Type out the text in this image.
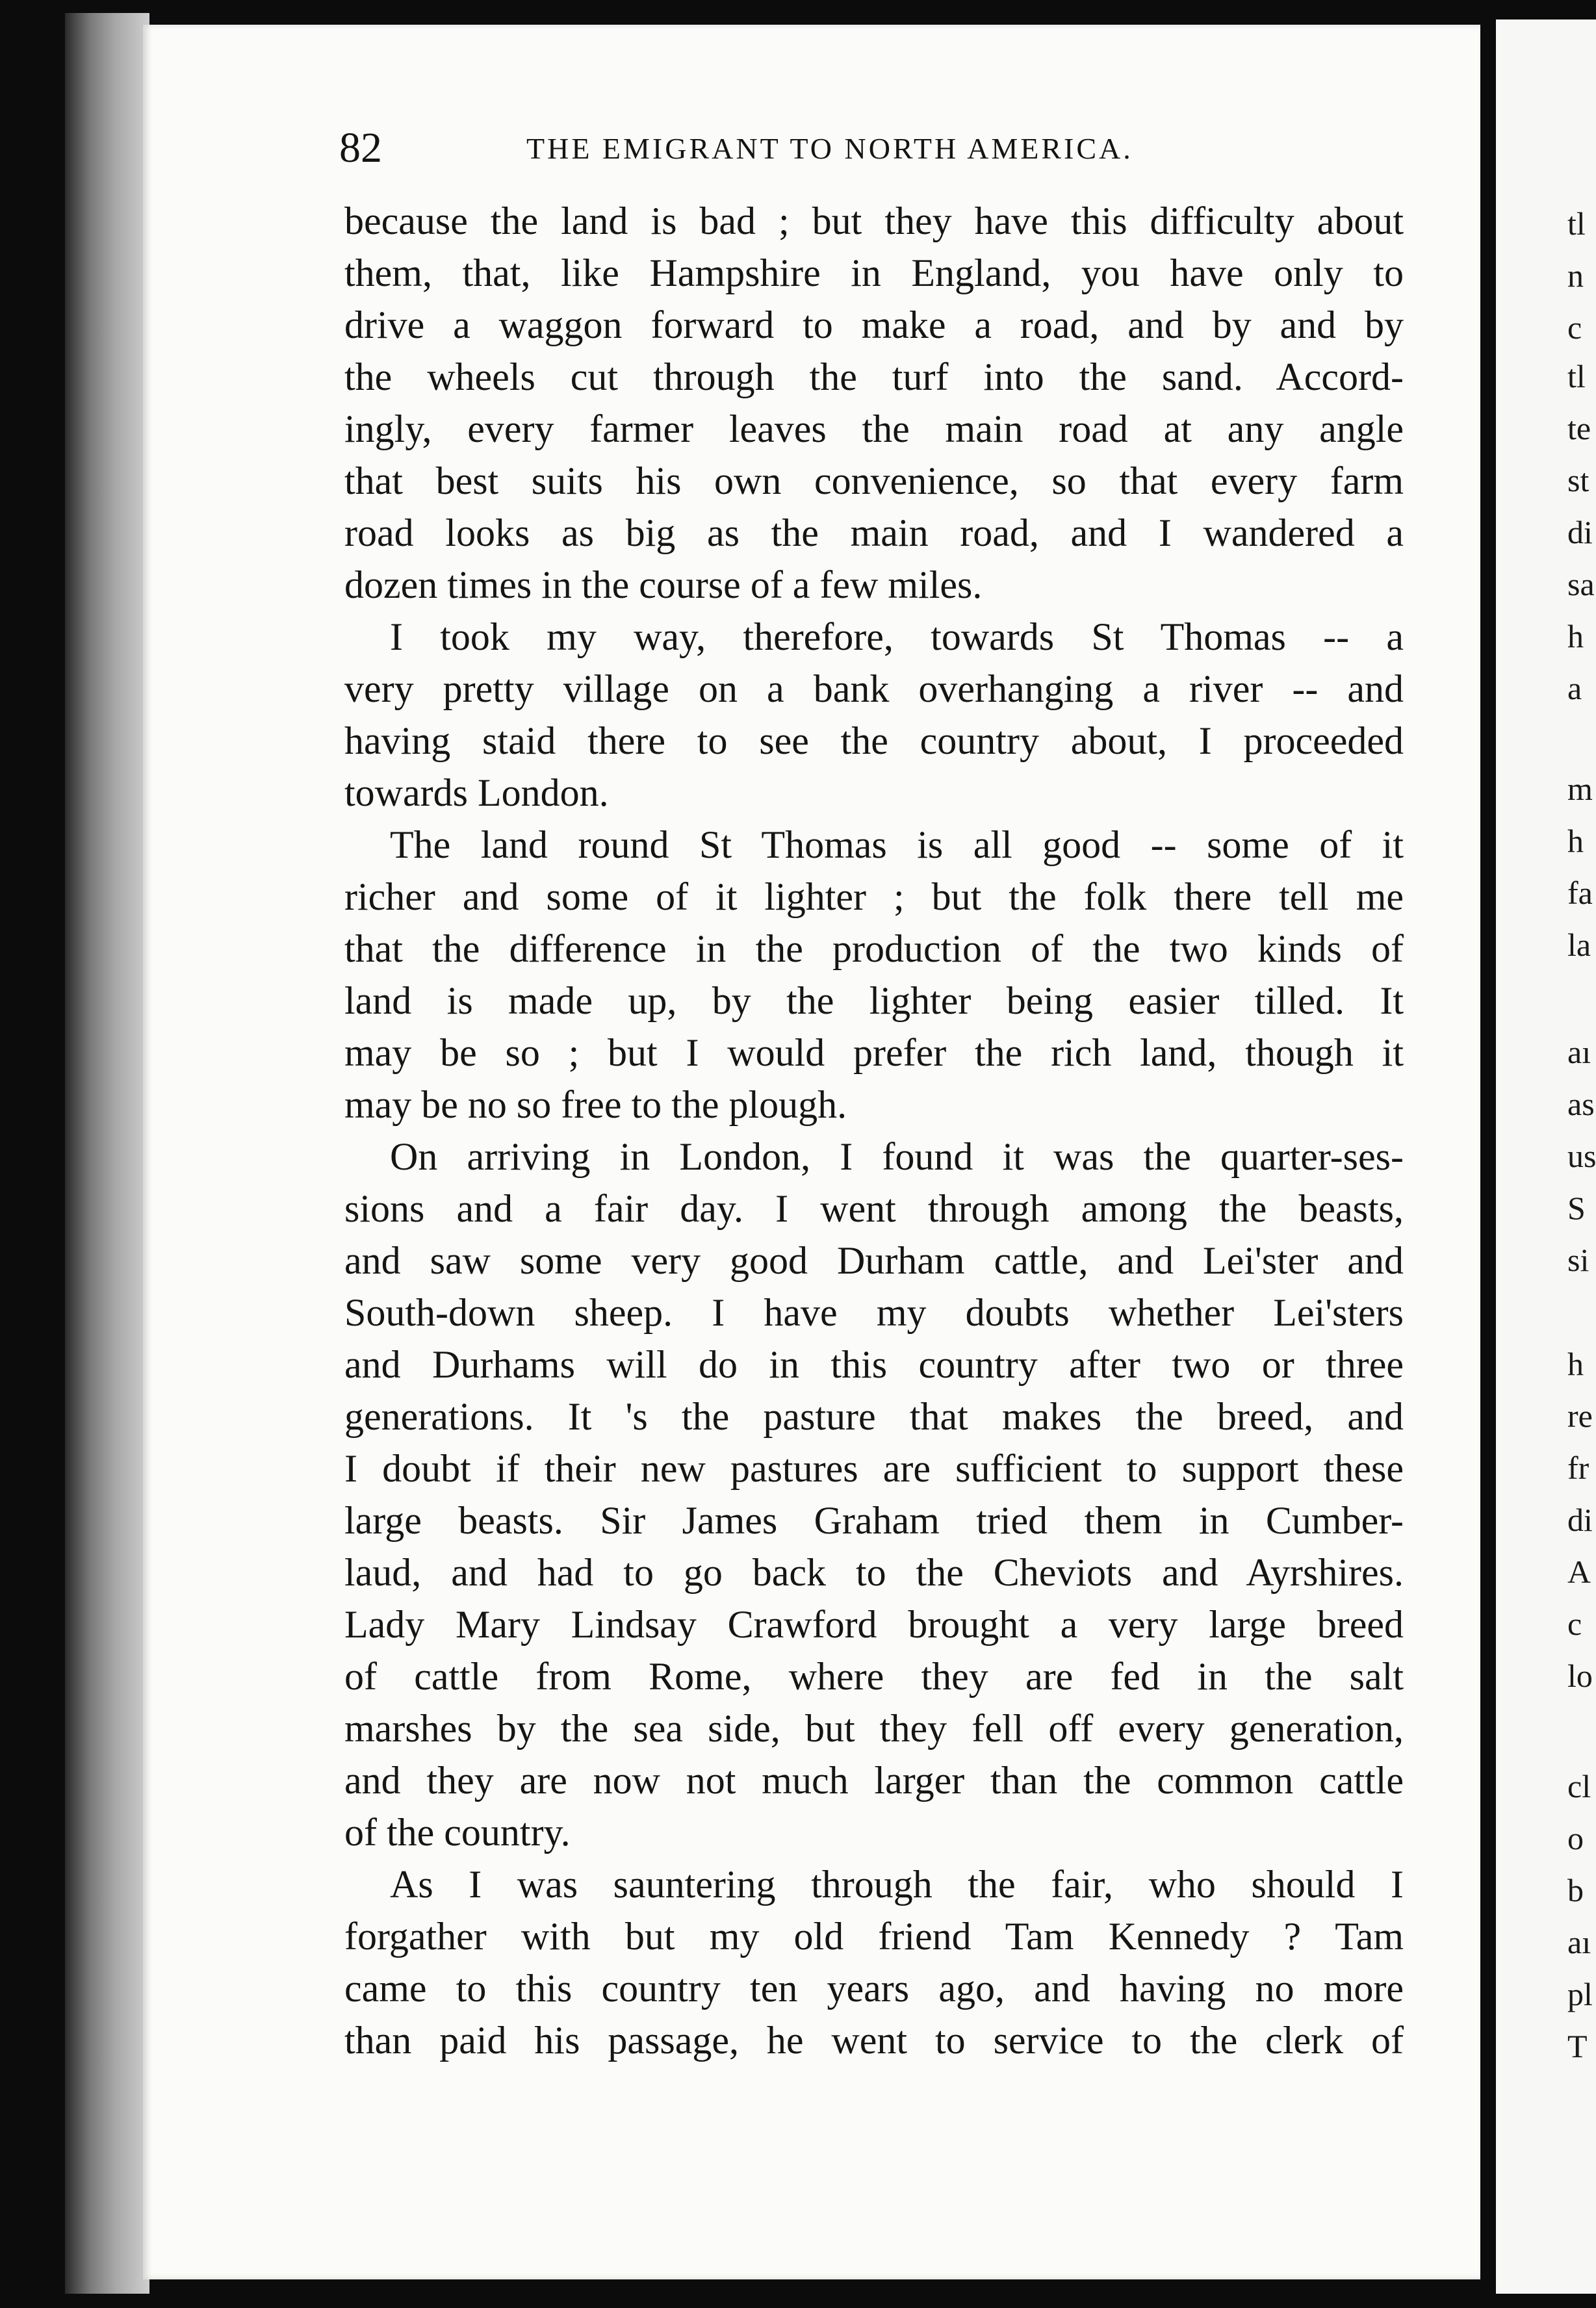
82	THE EMIGRANT TO NORTH AMERICA.
because the land is bad ; but they have this difficulty about
them, that, like Hampshire in England, you have only to
drive a waggon forward to make a road, and by and by
the wheels cut through the turf into the sand. Accord-
ingly, every farmer leaves the main road at any angle
that best suits his own convenience, so that every farm
road looks as big as the main road, and I wandered a
dozen times in the course of a few miles.
I took my way, therefore, towards St Thomas -- a
very pretty village on a bank overhanging a river -- and
having staid there to see the country about, I proceeded
towards London.
The land round St Thomas is all good -- some of it
richer and some of it lighter ; but the folk there tell me
that the difference in the production of the two kinds of
land is made up, by the lighter being easier tilled. It
may be so ; but I would prefer the rich land, though it
may be no so free to the plough.
On arriving in London, I found it was the quarter-ses-
sions and a fair day. I went through among the beasts,
and saw some very good Durham cattle, and Lei'ster and
South-down sheep. I have my doubts whether Lei'sters
and Durhams will do in this country after two or three
generations. It 's the pasture that makes the breed, and
I doubt if their new pastures are sufficient to support these
large beasts. Sir James Graham tried them in Cumber-
laud, and had to go back to the Cheviots and Ayrshires.
Lady Mary Lindsay Crawford brought a very large breed
of cattle from Rome, where they are fed in the salt
marshes by the sea side, but they fell off every generation,
and they are now not much larger than the common cattle
of the country.
As I was sauntering through the fair, who should I
forgather with but my old friend Tam Kennedy ? Tam
came to this country ten years ago, and having no more
than paid his passage, he went to service to the clerk of
tl
n
c
tl
te
st
di
sa
h
a
m
h
fa
la
aı
as
us
S
si
h
re
fr
di
A
c
lo
cl
o
b
aı
pl
T
